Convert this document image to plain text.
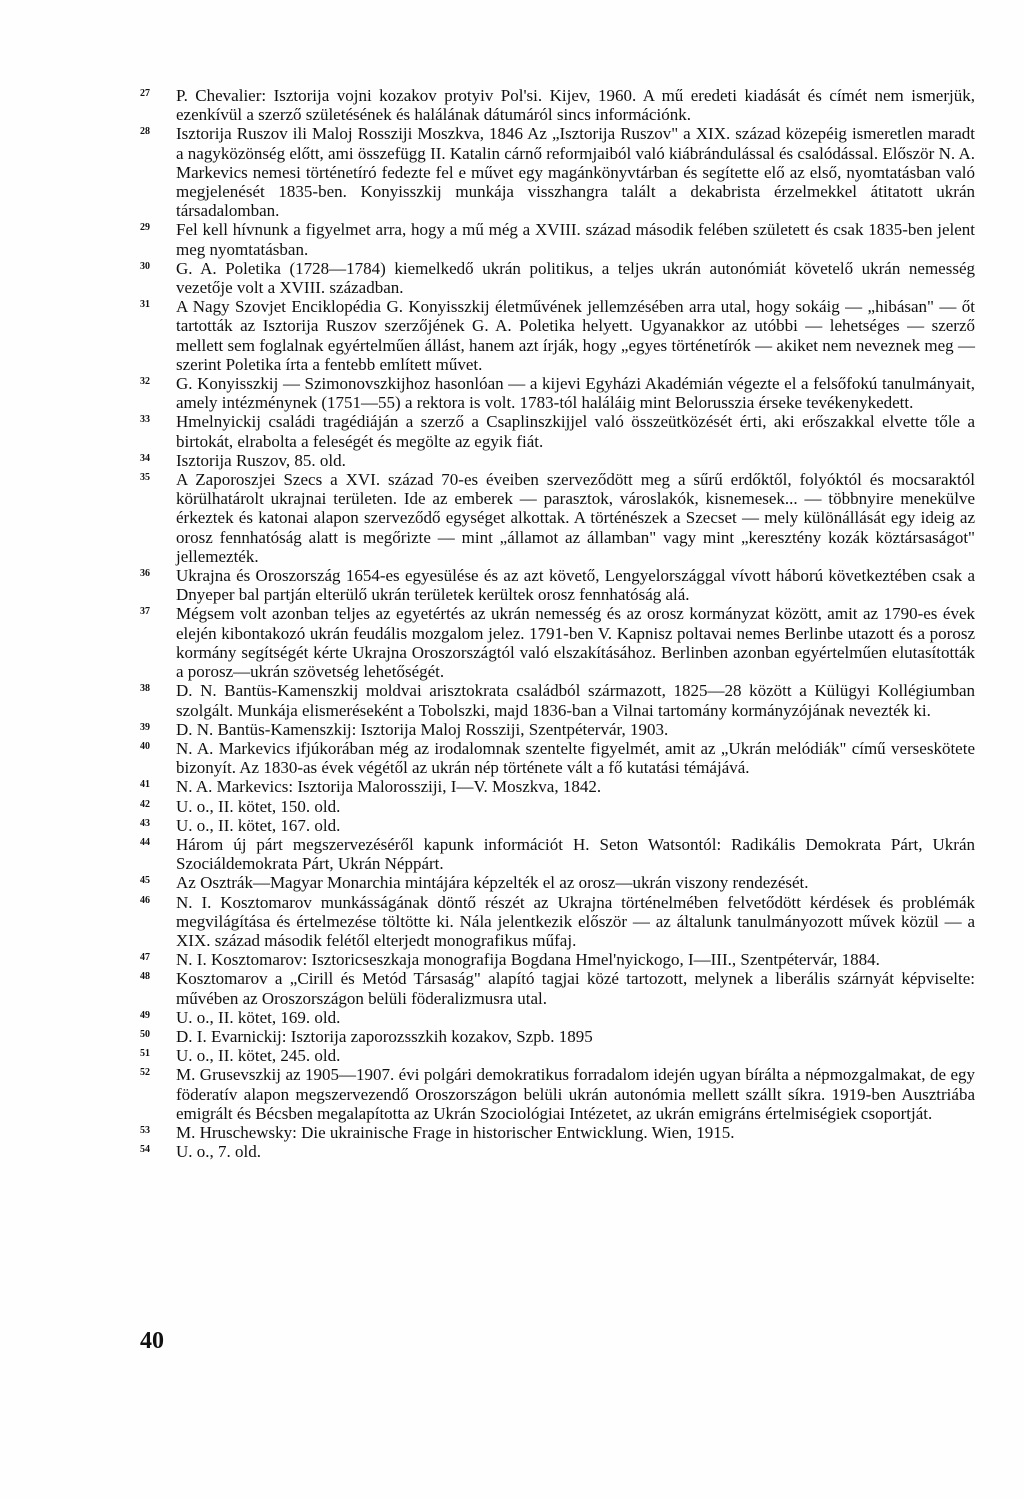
27	P. Chevalier: Isztorija vojni kozakov protyiv Pol'si. Kijev, 1960. A mű eredeti kiadását és címét nem ismerjük, ezenkívül a szerző születésének és halálának dátumáról sincs információnk.
28	Isztorija Ruszov ili Maloj Rossziji Moszkva, 1846 Az „Isztorija Ruszov" a XIX. század közepéig ismeretlen maradt a nagyközönség előtt, ami összefügg II. Katalin cárnő reformjaiból való kiábrándulással és csalódással. Először N. A. Markevics nemesi történetíró fedezte fel e művet egy magánkönyvtárban és segítette elő az első, nyomtatásban való megjelenését 1835-ben. Konyisszkij munkája visszhangra talált a dekabrista érzelmekkel átitatott ukrán társadalomban.
29	Fel kell hívnunk a figyelmet arra, hogy a mű még a XVIII. század második felében született és csak 1835-ben jelent meg nyomtatásban.
30	G. A. Poletika (1728—1784) kiemelkedő ukrán politikus, a teljes ukrán autonómiát követelő ukrán nemesség vezetője volt a XVIII. században.
31	A Nagy Szovjet Enciklopédia G. Konyisszkij életművének jellemzésében arra utal, hogy sokáig — „hibásan" — őt tartották az Isztorija Ruszov szerzőjének G. A. Poletika helyett. Ugyanakkor az utóbbi — lehetséges — szerző mellett sem foglalnak egyértelműen állást, hanem azt írják, hogy „egyes történetírók — akiket nem neveznek meg — szerint Poletika írta a fentebb említett művet.
32	G. Konyisszkij — Szimonovszkijhoz hasonlóan — a kijevi Egyházi Akadémián végezte el a felsőfokú tanulmányait, amely intézménynek (1751—55) a rektora is volt. 1783-tól haláláig mint Belorusszia érseke tevékenykedett.
33	Hmelnyickij családi tragédiáján a szerző a Csaplinszkijjel való összeütközését érti, aki erőszakkal elvette tőle a birtokát, elrabolta a feleségét és megölte az egyik fiát.
34	Isztorija Ruszov, 85. old.
35	A Zaporoszjei Szecs a XVI. század 70-es éveiben szerveződött meg a sűrű erdőktől, folyóktól és mocsaraktól körülhatárolt ukrajnai területen. Ide az emberek — parasztok, városlakók, kisnemesek... — többnyire menekülve érkeztek és katonai alapon szerveződő egységet alkottak. A történészek a Szecset — mely különállását egy ideig az orosz fennhatóság alatt is megőrizte — mint „államot az államban" vagy mint „keresztény kozák köztársaságot" jellemezték.
36	Ukrajna és Oroszország 1654-es egyesülése és az azt követő, Lengyelországgal vívott háború következtében csak a Dnyeper bal partján elterülő ukrán területek kerültek orosz fennhatóság alá.
37	Mégsem volt azonban teljes az egyetértés az ukrán nemesség és az orosz kormányzat között, amit az 1790-es évek elején kibontakozó ukrán feudális mozgalom jelez. 1791-ben V. Kapnisz poltavai nemes Berlinbe utazott és a porosz kormány segítségét kérte Ukrajna Oroszországtól való elszakításához. Berlinben azonban egyértelműen elutasították a porosz—ukrán szövetség lehetőségét.
38	D. N. Bantüs-Kamenszkij moldvai arisztokrata családból származott, 1825—28 között a Külügyi Kollégiumban szolgált. Munkája elismeréseként a Tobolszki, majd 1836-ban a Vilnai tartomány kormányzójának nevezték ki.
39	D. N. Bantüs-Kamenszkij: Isztorija Maloj Rossziji, Szentpétervár, 1903.
40	N. A. Markevics ifjúkorában még az irodalomnak szentelte figyelmét, amit az „Ukrán melódiák" című verseskötete bizonyít. Az 1830-as évek végétől az ukrán nép története vált a fő kutatási témájává.
41	N. A. Markevics: Isztorija Malorossziji, I—V. Moszkva, 1842.
42	U. o., II. kötet, 150. old.
43	U. o., II. kötet, 167. old.
44	Három új párt megszervezéséről kapunk információt H. Seton Watsontól: Radikális Demokrata Párt, Ukrán Szociáldemokrata Párt, Ukrán Néppárt.
45	Az Osztrák—Magyar Monarchia mintájára képzelték el az orosz—ukrán viszony rendezését.
46	N. I. Kosztomarov munkásságának döntő részét az Ukrajna történelmében felvetődött kérdések és problémák megvilágítása és értelmezése töltötte ki. Nála jelentkezik először — az általunk tanulmányozott művek közül — a XIX. század második felétől elterjedt monografikus műfaj.
47	N. I. Kosztomarov: Isztoricseszkaja monografija Bogdana Hmel'nyickogo, I—III., Szentpétervár, 1884.
48	Kosztomarov a „Cirill és Metód Társaság" alapító tagjai közé tartozott, melynek a liberális szárnyát képviselte: művében az Oroszországon belüli föderalizmusra utal.
49	U. o., II. kötet, 169. old.
50	D. I. Evarnickij: Isztorija zaporozsszkih kozakov, Szpb. 1895
51	U. o., II. kötet, 245. old.
52	M. Grusevszkij az 1905—1907. évi polgári demokratikus forradalom idején ugyan bírálta a népmozgalmakat, de egy föderatív alapon megszervezendő Oroszországon belüli ukrán autonómia mellett szállt síkra. 1919-ben Ausztriába emigrált és Bécsben megalapította az Ukrán Szociológiai Intézetet, az ukrán emigráns értelmiségiek csoportját.
53	M. Hruschewsky: Die ukrainische Frage in historischer Entwicklung. Wien, 1915.
54	U. o., 7. old.
40
